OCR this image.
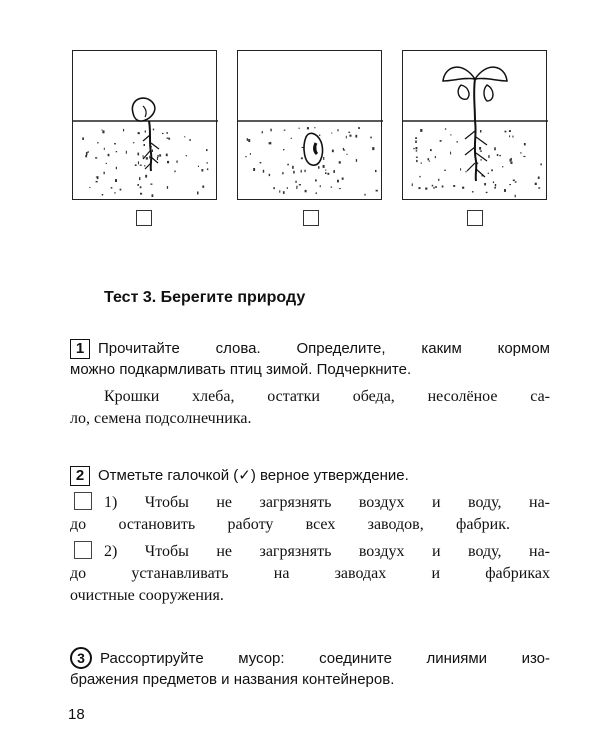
Тест 3. Берегите природу
1 Прочитайте слова. Определите, каким кормом
можно подкармливать птиц зимой. Подчеркните.
Крошки хлеба, остатки обеда, несолёное са-
ло, семена подсолнечника.
2 Отметьте галочкой (✓) верное утверждение.
1) Чтобы не загрязнять воздух и воду, на-
до остановить работу всех заводов, фабрик.
2) Чтобы не загрязнять воздух и воду, на-
до устанавливать на заводах и фабриках
очистные сооружения.
3	Рассортируйте мусор: соедините линиями изо-
бражения предметов и названия контейнеров.
18
